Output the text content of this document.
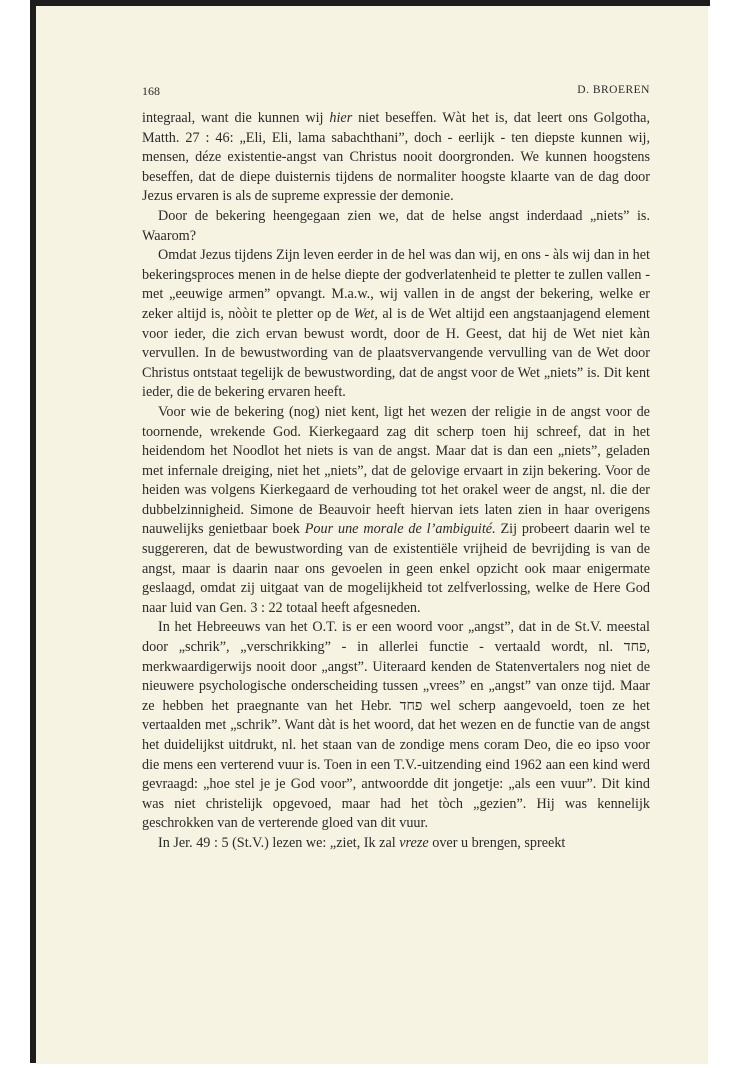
168	D. BROEREN

integraal, want die kunnen wij hier niet beseffen. Wàt het is, dat leert ons Golgotha, Matth. 27 : 46: „Eli, Eli, lama sabachthani”, doch - eerlijk - ten diepste kunnen wij, mensen, déze existentie-angst van Christus nooit doorgronden. We kunnen hoogstens beseffen, dat de diepe duisternis tijdens de normaliter hoogste klaarte van de dag door Jezus ervaren is als de supreme expressie der demonie.

Door de bekering heengegaan zien we, dat de helse angst inderdaad „niets” is. Waarom?

Omdat Jezus tijdens Zijn leven eerder in de hel was dan wij, en ons - àls wij dan in het bekeringsproces menen in de helse diepte der godverlatenheid te pletter te zullen vallen - met „eeuwige armen” opvangt. M.a.w., wij vallen in de angst der bekering, welke er zeker altijd is, nòòit te pletter op de Wet, al is de Wet altijd een angstaanjagend element voor ieder, die zich ervan bewust wordt, door de H. Geest, dat hij de Wet niet kàn vervullen. In de bewustwording van de plaatsvervangende vervulling van de Wet door Christus ontstaat tegelijk de bewustwording, dat de angst voor de Wet „niets” is. Dit kent ieder, die de bekering ervaren heeft.

Voor wie de bekering (nog) niet kent, ligt het wezen der religie in de angst voor de toornende, wrekende God. Kierkegaard zag dit scherp toen hij schreef, dat in het heidendom het Noodlot het niets is van de angst. Maar dat is dan een „niets”, geladen met infernale dreiging, niet het „niets”, dat de gelovige ervaart in zijn bekering. Voor de heiden was volgens Kierkegaard de verhouding tot het orakel weer de angst, nl. die der dubbelzinnigheid. Simone de Beauvoir heeft hiervan iets laten zien in haar overigens nauwelijks genietbaar boek Pour une morale de l’ambiguité. Zij probeert daarin wel te suggereren, dat de bewustwording van de existentiële vrijheid de bevrijding is van de angst, maar is daarin naar ons gevoelen in geen enkel opzicht ook maar enigermate geslaagd, omdat zij uitgaat van de mogelijkheid tot zelfverlossing, welke de Here God naar luid van Gen. 3 : 22 totaal heeft afgesneden.

In het Hebreeuws van het O.T. is er een woord voor „angst”, dat in de St.V. meestal door „schrik”, „verschrikking” - in allerlei functie - vertaald wordt, nl. פחד, merkwaardigerwijs nooit door „angst”. Uiteraard kenden de Statenvertalers nog niet de nieuwere psychologische onderscheiding tussen „vrees” en „angst” van onze tijd. Maar ze hebben het praegnante van het Hebr. פחד wel scherp aangevoeld, toen ze het vertaalden met „schrik”. Want dàt is het woord, dat het wezen en de functie van de angst het duidelijkst uitdrukt, nl. het staan van de zondige mens coram Deo, die eo ipso voor die mens een verterend vuur is. Toen in een T.V.-uitzending eind 1962 aan een kind werd gevraagd: „hoe stel je je God voor”, antwoordde dit jongetje: „als een vuur”. Dit kind was niet christelijk opgevoed, maar had het tòch „gezien”. Hij was kennelijk geschrokken van de verterende gloed van dit vuur.

In Jer. 49 : 5 (St.V.) lezen we: „ziet, Ik zal vreze over u brengen, spreekt
